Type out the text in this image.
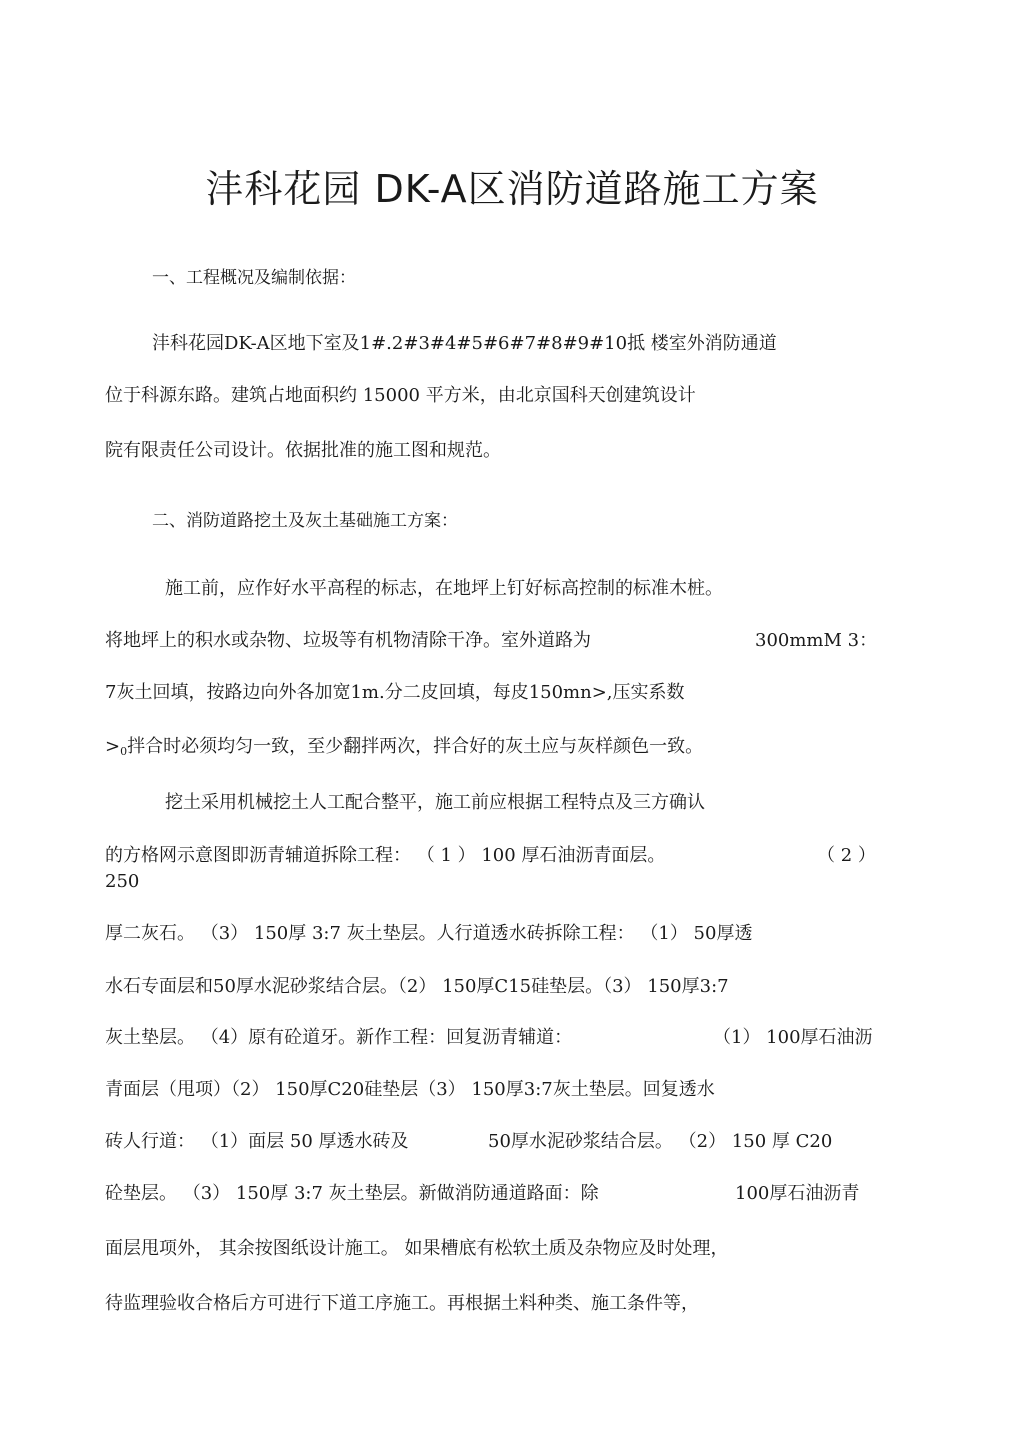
沣科花园 DK-A区消防道路施工方案
一、工程概况及编制依据：
沣科花园DK-A区地下室及1#.2#3#4#5#6#7#8#9#10抵 楼室外消防通道
位于科源东路。建筑占地面积约 15000 平方米，由北京国科天创建筑设计
院有限责任公司设计。依据批准的施工图和规范。
二、消防道路挖土及灰土基础施工方案：
施工前，应作好水平高程的标志，在地坪上钉好标高控制的标准木桩。
将地坪上的积水或杂物、垃圾等有机物清除干净。室外道路为	300mmM 3：
7灰土回填，按路边向外各加宽1m.分二皮回填，每皮150mn>,压实系数
$>_0$拌合时必须均匀一致，至少翻拌两次，拌合好的灰土应与灰样颜色一致。
挖土采用机械挖土人工配合整平，施工前应根据工程特点及三方确认
的方格网示意图即沥青辅道拆除工程： （ 1 ） 100 厚石油沥青面层。	（ 2 ）
250
厚二灰石。 （3） 150厚 3:7 灰土垫层。人行道透水砖拆除工程： （1） 50厚透
水石专面层和50厚水泥砂浆结合层。（2） 150厚C15硅垫层。（3） 150厚3:7
灰土垫层。 （4）原有砼道牙。新作工程：回复沥青辅道：	（1） 100厚石油沥
青面层（甩项）（2） 150厚C20硅垫层（3） 150厚3:7灰土垫层。回复透水
砖人行道： （1）面层 50 厚透水砖及	50厚水泥砂浆结合层。 （2） 150 厚 C20
砼垫层。 （3） 150厚 3:7 灰土垫层。新做消防通道路面：除	100厚石油沥青
面层甩项外， 其余按图纸设计施工。 如果槽底有松软土质及杂物应及时处理，
待监理验收合格后方可进行下道工序施工。再根据土料种类、施工条件等，
